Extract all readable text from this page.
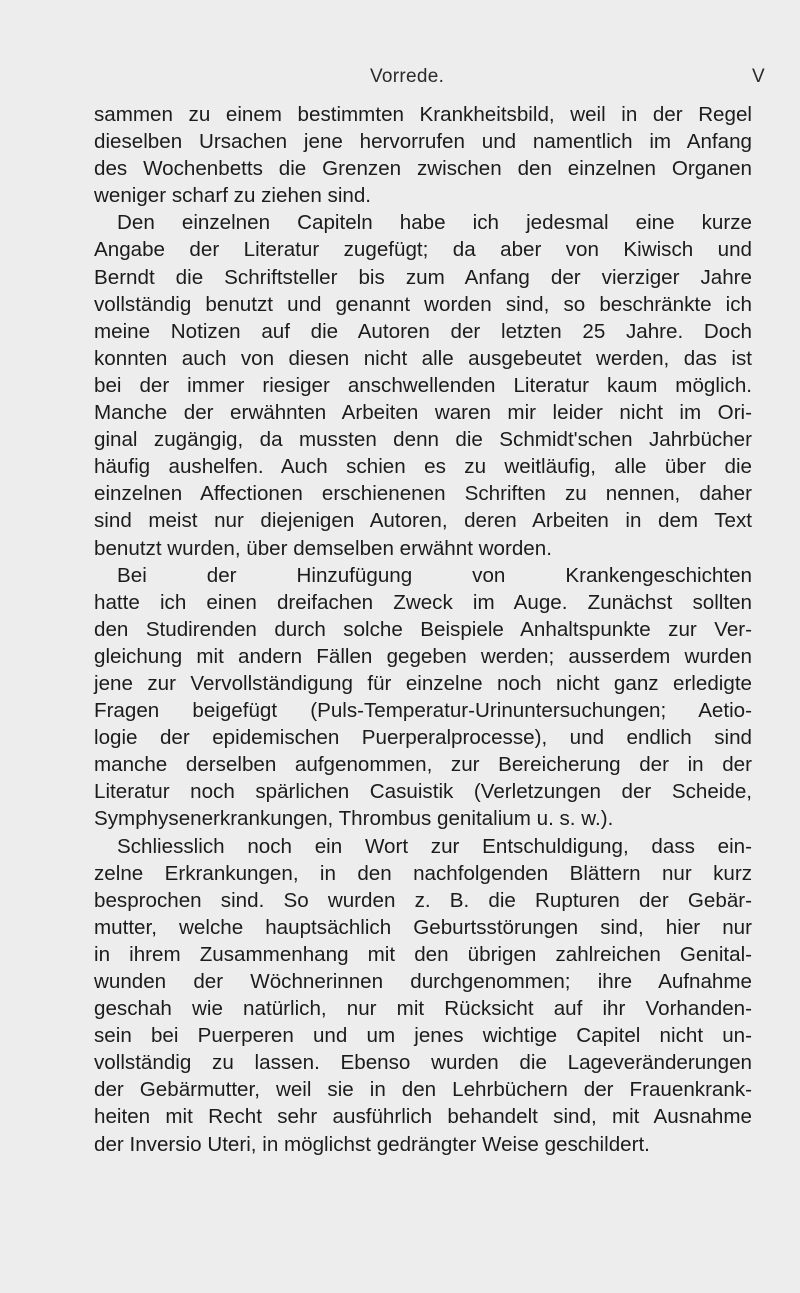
Vorrede.	V
sammen zu einem bestimmten Krankheitsbild, weil in der Regel
dieselben Ursachen jene hervorrufen und namentlich im Anfang
des Wochenbetts die Grenzen zwischen den einzelnen Organen
weniger scharf zu ziehen sind.
Den einzelnen Capiteln habe ich jedesmal eine kurze
Angabe der Literatur zugefügt; da aber von Kiwisch und
Berndt die Schriftsteller bis zum Anfang der vierziger Jahre
vollständig benutzt und genannt worden sind, so beschränkte ich
meine Notizen auf die Autoren der letzten 25 Jahre. Doch
konnten auch von diesen nicht alle ausgebeutet werden, das ist
bei der immer riesiger anschwellenden Literatur kaum möglich.
Manche der erwähnten Arbeiten waren mir leider nicht im Ori-
ginal zugängig, da mussten denn die Schmidt'schen Jahrbücher
häufig aushelfen. Auch schien es zu weitläufig, alle über die
einzelnen Affectionen erschienenen Schriften zu nennen, daher
sind meist nur diejenigen Autoren, deren Arbeiten in dem Text
benutzt wurden, über demselben erwähnt worden.
Bei der Hinzufügung von Krankengeschichten
hatte ich einen dreifachen Zweck im Auge. Zunächst sollten
den Studirenden durch solche Beispiele Anhaltspunkte zur Ver-
gleichung mit andern Fällen gegeben werden; ausserdem wurden
jene zur Vervollständigung für einzelne noch nicht ganz erledigte
Fragen beigefügt (Puls-Temperatur-Urinuntersuchungen; Aetio-
logie der epidemischen Puerperalprocesse), und endlich sind
manche derselben aufgenommen, zur Bereicherung der in der
Literatur noch spärlichen Casuistik (Verletzungen der Scheide,
Symphysenerkrankungen, Thrombus genitalium u. s. w.).
Schliesslich noch ein Wort zur Entschuldigung, dass ein-
zelne Erkrankungen, in den nachfolgenden Blättern nur kurz
besprochen sind. So wurden z. B. die Rupturen der Gebär-
mutter, welche hauptsächlich Geburtsstörungen sind, hier nur
in ihrem Zusammenhang mit den übrigen zahlreichen Genital-
wunden der Wöchnerinnen durchgenommen; ihre Aufnahme
geschah wie natürlich, nur mit Rücksicht auf ihr Vorhanden-
sein bei Puerperen und um jenes wichtige Capitel nicht un-
vollständig zu lassen. Ebenso wurden die Lageveränderungen
der Gebärmutter, weil sie in den Lehrbüchern der Frauenkrank-
heiten mit Recht sehr ausführlich behandelt sind, mit Ausnahme
der Inversio Uteri, in möglichst gedrängter Weise geschildert.
